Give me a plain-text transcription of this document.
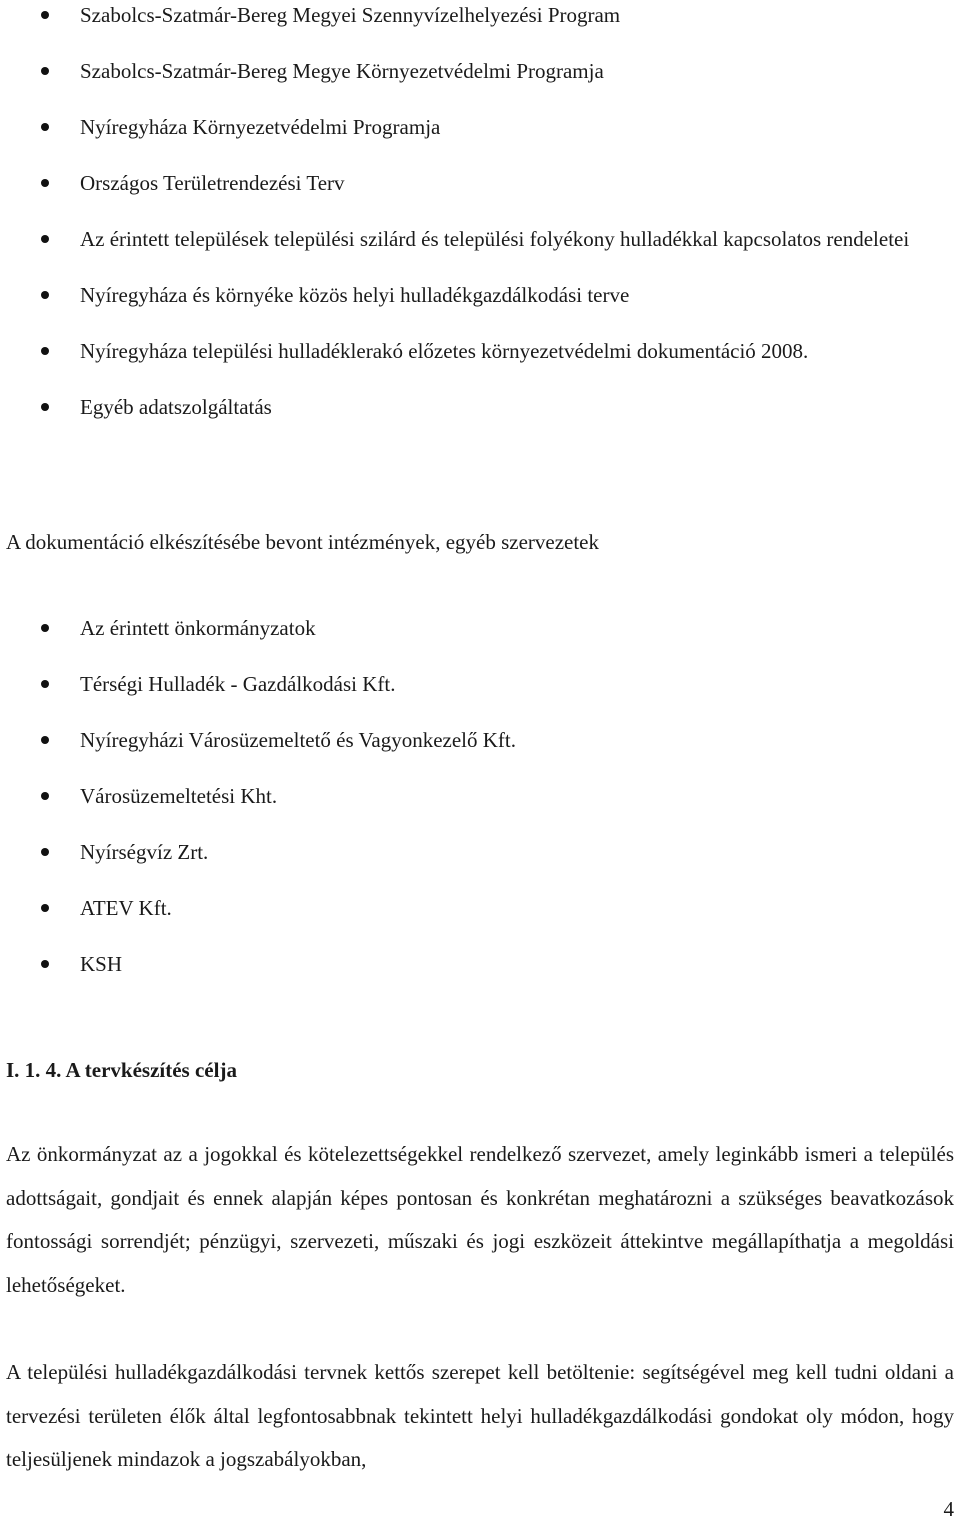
Szabolcs-Szatmár-Bereg Megyei Szennyvízelhelyezési Program
Szabolcs-Szatmár-Bereg Megye Környezetvédelmi Programja
Nyíregyháza Környezetvédelmi Programja
Országos Területrendezési Terv
Az érintett települések települési szilárd és települési folyékony hulladékkal kapcsolatos rendeletei
Nyíregyháza és környéke közös helyi hulladékgazdálkodási terve
Nyíregyháza települési hulladéklerakó előzetes környezetvédelmi dokumentáció 2008.
Egyéb adatszolgáltatás
A dokumentáció elkészítésébe bevont intézmények, egyéb szervezetek
Az érintett önkormányzatok
Térségi Hulladék - Gazdálkodási Kft.
Nyíregyházi Városüzemeltető és Vagyonkezelő Kft.
Városüzemeltetési Kht.
Nyírségvíz Zrt.
ATEV Kft.
KSH
I. 1. 4. A tervkészítés célja

Az önkormányzat az a jogokkal és kötelezettségekkel rendelkező szervezet, amely leginkább ismeri a település adottságait, gondjait és ennek alapján képes pontosan és konkrétan meghatározni a szükséges beavatkozások fontossági sorrendjét; pénzügyi, szervezeti, műszaki és jogi eszközeit áttekintve megállapíthatja a megoldási lehetőségeket.

A települési hulladékgazdálkodási tervnek kettős szerepet kell betöltenie: segítségével meg kell tudni oldani a tervezési területen élők által legfontosabbnak tekintett helyi hulladékgazdálkodási gondokat oly módon, hogy teljesüljenek mindazok a jogszabályokban,

4
